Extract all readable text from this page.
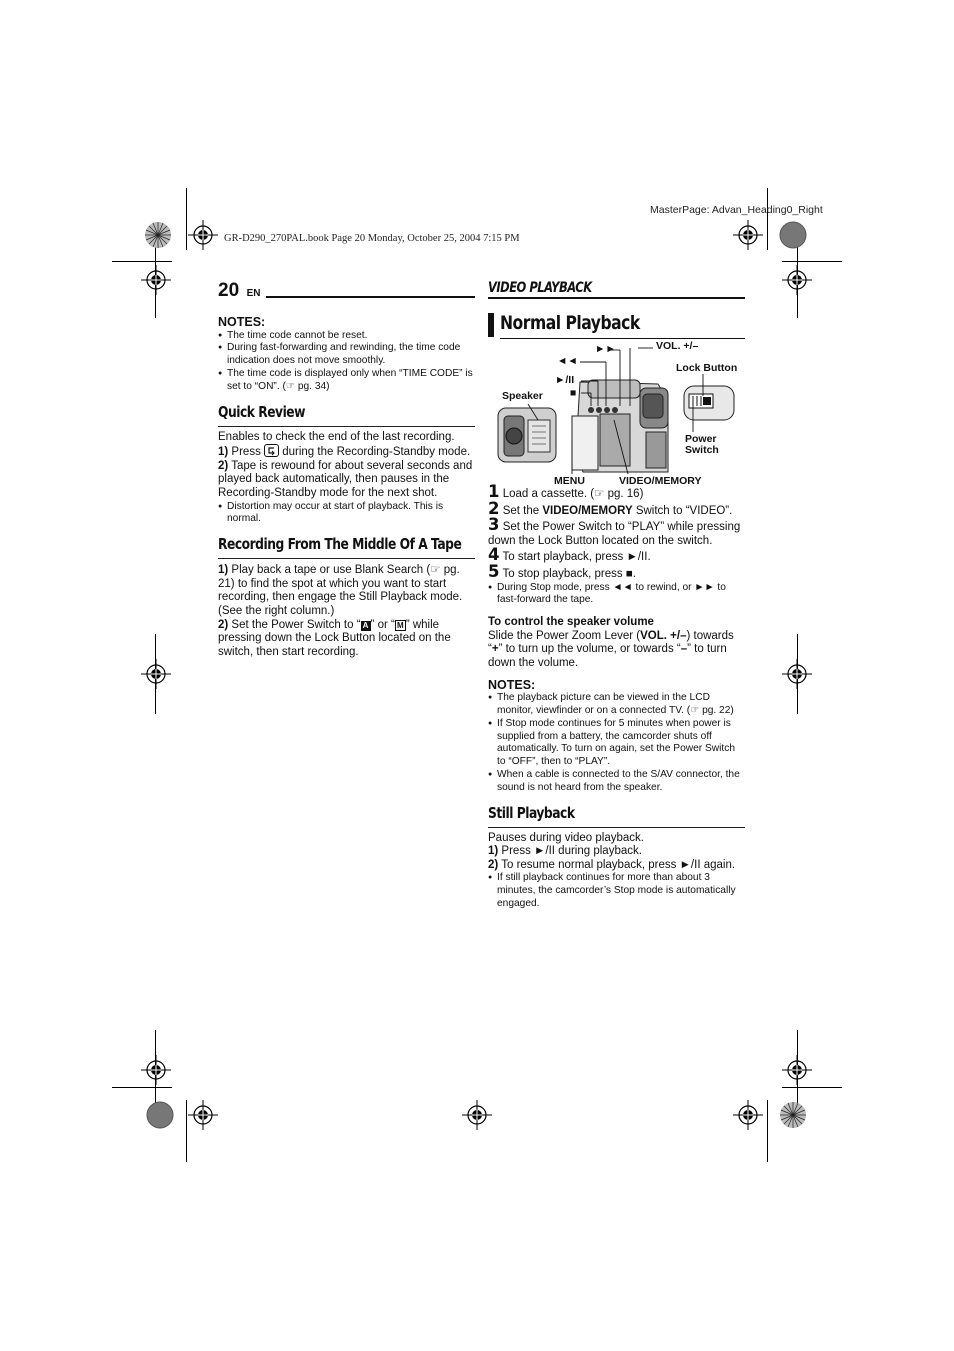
MasterPage: Advan_Heading0_Right
GR-D290_270PAL.book Page 20 Monday, October 25, 2004 7:15 PM
20 EN	VIDEO PLAYBACK
NOTES:
● The time code cannot be reset.
● During fast-forwarding and rewinding, the time code indication does not move smoothly.
● The time code is displayed only when “TIME CODE” is set to “ON”. (☞ pg. 34)
Quick Review

Enables to check the end of the last recording.

1) Press
during the Recording-Standby mode.

2) Tape is rewound for about several seconds and played back automatically, then pauses in the Recording-Standby mode for the next shot.

● Distortion may occur at start of playback. This is normal.
Recording From The Middle Of A Tape

1) Play back a tape or use Blank Search (☞ pg. 21) to find the spot at which you want to start recording, then engage the Still Playback mode. (See the right column.)

2) Set the Power Switch to “ A ” or “ M ” while pressing down the Lock Button located on the switch, then start recording.

Normal Playback
►►	VOL. +/–
◄◄
Lock Button
►/II
■
Speaker
Power
Switch
MENU	VIDEO/MEMORY

1 Load a cassette. (☞ pg. 16)

2 Set the VIDEO/MEMORY Switch to “VIDEO”.

3 Set the Power Switch to “PLAY” while pressing down the Lock Button located on the switch.

4 To start playback, press ►/II.

5 To stop playback, press ■.

● During Stop mode, press ◄◄ to rewind, or ►► to fast-forward the tape.

To control the speaker volume

Slide the Power Zoom Lever (VOL. +/–) towards “+” to turn up the volume, or towards “–” to turn down the volume.

NOTES:
● The playback picture can be viewed in the LCD monitor, viewfinder or on a connected TV. (☞ pg. 22)
● If Stop mode continues for 5 minutes when power is supplied from a battery, the camcorder shuts off automatically. To turn on again, set the Power Switch to “OFF”, then to “PLAY”.
● When a cable is connected to the S/AV connector, the sound is not heard from the speaker.
Still Playback

Pauses during video playback.

1) Press ►/II during playback.

2) To resume normal playback, press ►/II again.

● If still playback continues for more than about 3 minutes, the camcorder’s Stop mode is automatically engaged.
